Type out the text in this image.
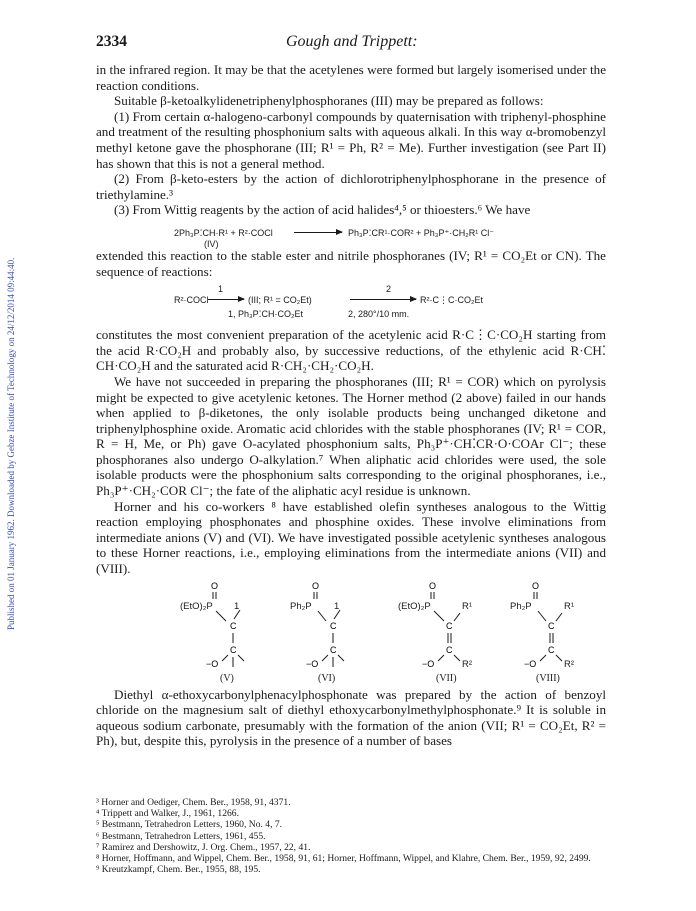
Published on 01 January 1962. Downloaded by Gebze Institute of Technology on 24/12/2014 09:44:40.
2334	Gough and Trippett:

in the infrared region. It may be that the acetylenes were formed but largely isomerised under the reaction conditions.

Suitable β-ketoalkylidenetriphenylphosphoranes (III) may be prepared as follows:

(1) From certain α-halogeno-carbonyl compounds by quaternisation with triphenyl-phosphine and treatment of the resulting phosphonium salts with aqueous alkali. In this way α-bromobenzyl methyl ketone gave the phosphorane (III; R¹ = Ph, R² = Me). Further investigation (see Part II) has shown that this is not a general method.

(2) From β-keto-esters by the action of dichlorotriphenylphosphorane in the presence of triethylamine.³

(3) From Wittig reagents by the action of acid halides⁴,⁵ or thioesters.⁶ We have

2Ph₃P⁚CH·R¹ + R²·COCl	Ph₃P⁚CR¹·COR² + Ph₃P⁺·CH₂R¹ Cl⁻
(IV)

extended this reaction to the stable ester and nitrile phosphoranes (IV; R¹ = CO₂Et or CN). The sequence of reactions:

1	2
R²·COCl → (III; R¹ = CO₂Et)	R²·C⋮C·CO₂Et
1, Ph₃P⁚CH·CO₂Et	2, 280°/10 mm.

constitutes the most convenient preparation of the acetylenic acid R·C⋮C·CO₂H starting from the acid R·CO₂H and probably also, by successive reductions, of the ethylenic acid R·CH⁚CH·CO₂H and the saturated acid R·CH₂·CH₂·CO₂H.

We have not succeeded in preparing the phosphoranes (III; R¹ = COR) which on pyrolysis might be expected to give acetylenic ketones. The Horner method (2 above) failed in our hands when applied to β-diketones, the only isolable products being unchanged diketone and triphenylphosphine oxide. Aromatic acid chlorides with the stable phosphoranes (IV; R¹ = COR, R = H, Me, or Ph) gave O-acylated phosphonium salts, Ph₃P⁺·CH⁚CR·O·COAr Cl⁻; these phosphoranes also undergo O-alkylation.⁷ When aliphatic acid chlorides were used, the sole isolable products were the phosphonium salts corresponding to the original phosphoranes, i.e., Ph₃P⁺·CH₂·COR Cl⁻; the fate of the aliphatic acyl residue is unknown.

Horner and his co-workers ⁸ have established olefin syntheses analogous to the Wittig reaction employing phosphonates and phosphine oxides. These involve eliminations from intermediate anions (V) and (VI). We have investigated possible acetylenic syntheses analogous to these Horner reactions, i.e., employing eliminations from the intermediate anions (VII) and (VIII).

O
C
C
−O
(EtO)₂P 1
(V)
O
C
C
−O
Ph₂P 1
(VI)
O
C
C
−O
(EtO)₂P	R¹
R²
(VII)
O
C
C
−O
Ph₂P	R¹
R²
(VIII)

Diethyl α-ethoxycarbonylphenacylphosphonate was prepared by the action of benzoyl chloride on the magnesium salt of diethyl ethoxycarbonylmethylphosphonate.⁹ It is soluble in aqueous sodium carbonate, presumably with the formation of the anion (VII; R¹ = CO₂Et, R² = Ph), but, despite this, pyrolysis in the presence of a number of bases

³ Horner and Oediger, Chem. Ber., 1958, 91, 4371.
⁴ Trippett and Walker, J., 1961, 1266.
⁵ Bestmann, Tetrahedron Letters, 1960, No. 4, 7.
⁶ Bestmann, Tetrahedron Letters, 1961, 455.
⁷ Ramirez and Dershowitz, J. Org. Chem., 1957, 22, 41.
⁸ Horner, Hoffmann, and Wippel, Chem. Ber., 1958, 91, 61; Horner, Hoffmann, Wippel, and Klahre, Chem. Ber., 1959, 92, 2499.
⁹ Kreutzkampf, Chem. Ber., 1955, 88, 195.
